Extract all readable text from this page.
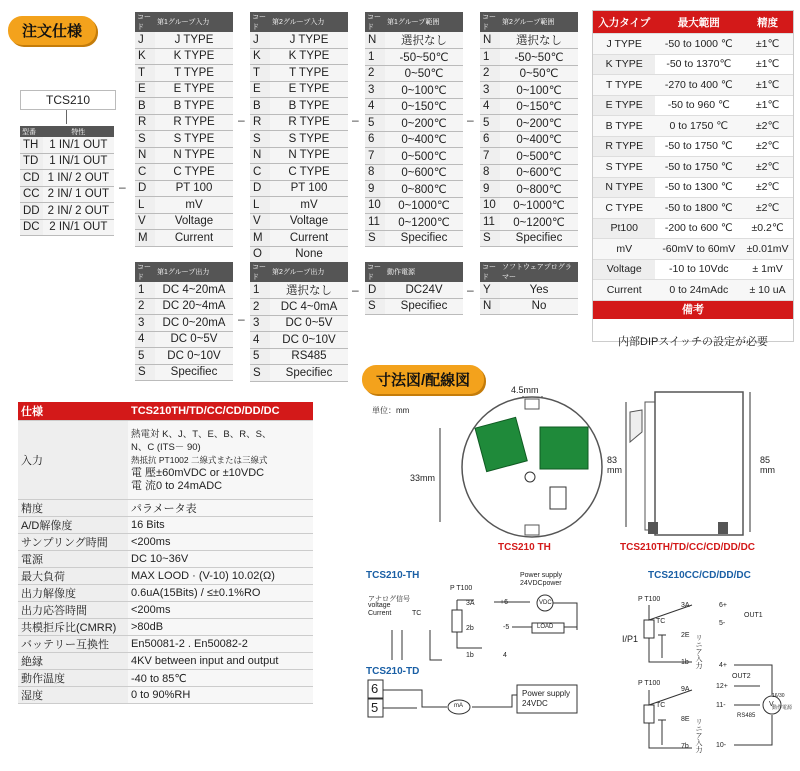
注文仕様
TCS210
型番	特性
TH	1 IN/1 OUT
TD	1 IN/1 OUT
CD	1 IN/ 2 OUT
CC	2 IN/ 1 OUT
DD	2 IN/ 2 OUT
DC	2 IN/1 OUT
–
コード	第1グループ入力
J	J TYPE
K	K TYPE
T	T TYPE
E	E TYPE
B	B TYPE
R	R TYPE
S	S TYPE
N	N TYPE
C	C TYPE
D	PT 100
L	mV
V	Voltage
M	Current
–
コード	第2グループ入力
J	J TYPE
K	K TYPE
T	T TYPE
E	E TYPE
B	B TYPE
R	R TYPE
S	S TYPE
N	N TYPE
C	C TYPE
D	PT 100
L	mV
V	Voltage
M	Current
O	None
–
コード	第1グループ範囲
N	選択なし
1	-50~50℃
2	0~50℃
3	0~100℃
4	0~150℃
5	0~200℃
6	0~400℃
7	0~500℃
8	0~600℃
9	0~800℃
10	0~1000℃
11	0~1200℃
S	Specifiec
–
コード	第2グループ範囲
N	選択なし
1	-50~50℃
2	0~50℃
3	0~100℃
4	0~150℃
5	0~200℃
6	0~400℃
7	0~500℃
8	0~600℃
9	0~800℃
10	0~1000℃
11	0~1200℃
S	Specifiec
コード	第1グループ出力
1	DC 4~20mA
2	DC 20~4mA
3	DC 0~20mA
4	DC 0~5V
5	DC 0~10V
S	Specifiec
–
コード	第2グループ出力
1	選択なし
2	DC 4~0mA
3	DC 0~5V
4	DC 0~10V
5	RS485
S	Specifiec
–
コード	動作電源
D	DC24V
S	Specifiec
–
コード	ソフトウェアプログラマー
Y	Yes
N	No
入力タイプ	最大範囲	精度
J TYPE	-50 to 1000 ℃	±1℃
K TYPE	-50 to 1370℃	±1℃
T TYPE	-270 to 400 ℃	±1℃
E TYPE	-50 to 960 ℃	±1℃
B TYPE	0 to 1750 ℃	±2℃
R TYPE	-50 to 1750 ℃	±2℃
S TYPE	-50 to 1750 ℃	±2℃
N TYPE	-50 to 1300 ℃	±2℃
C TYPE	-50 to 1800 ℃	±2℃
Pt100	-200 to 600 ℃	±0.2℃
mV	-60mV to 60mV	±0.01mV
Voltage	-10 to 10Vdc	± 1mV
Current	0 to 24mAdc	± 10 uA
備考
内部DIPスイッチの設定が必要
仕様	TCS210TH/TD/CC/CD/DD/DC
入力	熱電対 K、J、T、E、B、R、S、
N、C (ITS－ 90)
熱抵抗 PT1002 二線式または三線式
電 壓±60mVDC or ±10VDC
電 流0 to 24mADC

精度	パラメータ表
A/D解像度	16 Bits
サンプリング時間	<200ms
電源	DC 10~36V
最大負荷	MAX LOOD · (V-10) 10.02(Ω)
出力解像度	0.6uA(15Bits) / ≤±0.1%RO
出力応答時間	<200ms
共模拒斥比(CMRR)	>80dB
バッテリー互換性	En50081-2 . En50082-2
絶縁	4KV between input and output
動作温度	-40 to 85℃
湿度	0 to 90%RH
寸法図/配線図
単位：mm
4.5mm
33mm
83
mm
85
mm
TCS210 TH	TCS210TH/TD/CC/CD/DD/DC
TCS210-TH
TCS210-TD
TCS210CC/CD/DD/DC
アナログ信号
voltage
Current	TC
P T100
3A
2b
1b	4
+6
-5
Power supply
24VDCpower
VDC
LOAD
6
5	mA
Power supply
24VDC
P T100
3A
TC
2E
1b
I/P1
P T100
9A
TC
8E
7b
リニア入力
リニア入力
6+
5-
OUT1
4+
OUT2
12+
11-
10-
RS485
V
16/30
動作電源
